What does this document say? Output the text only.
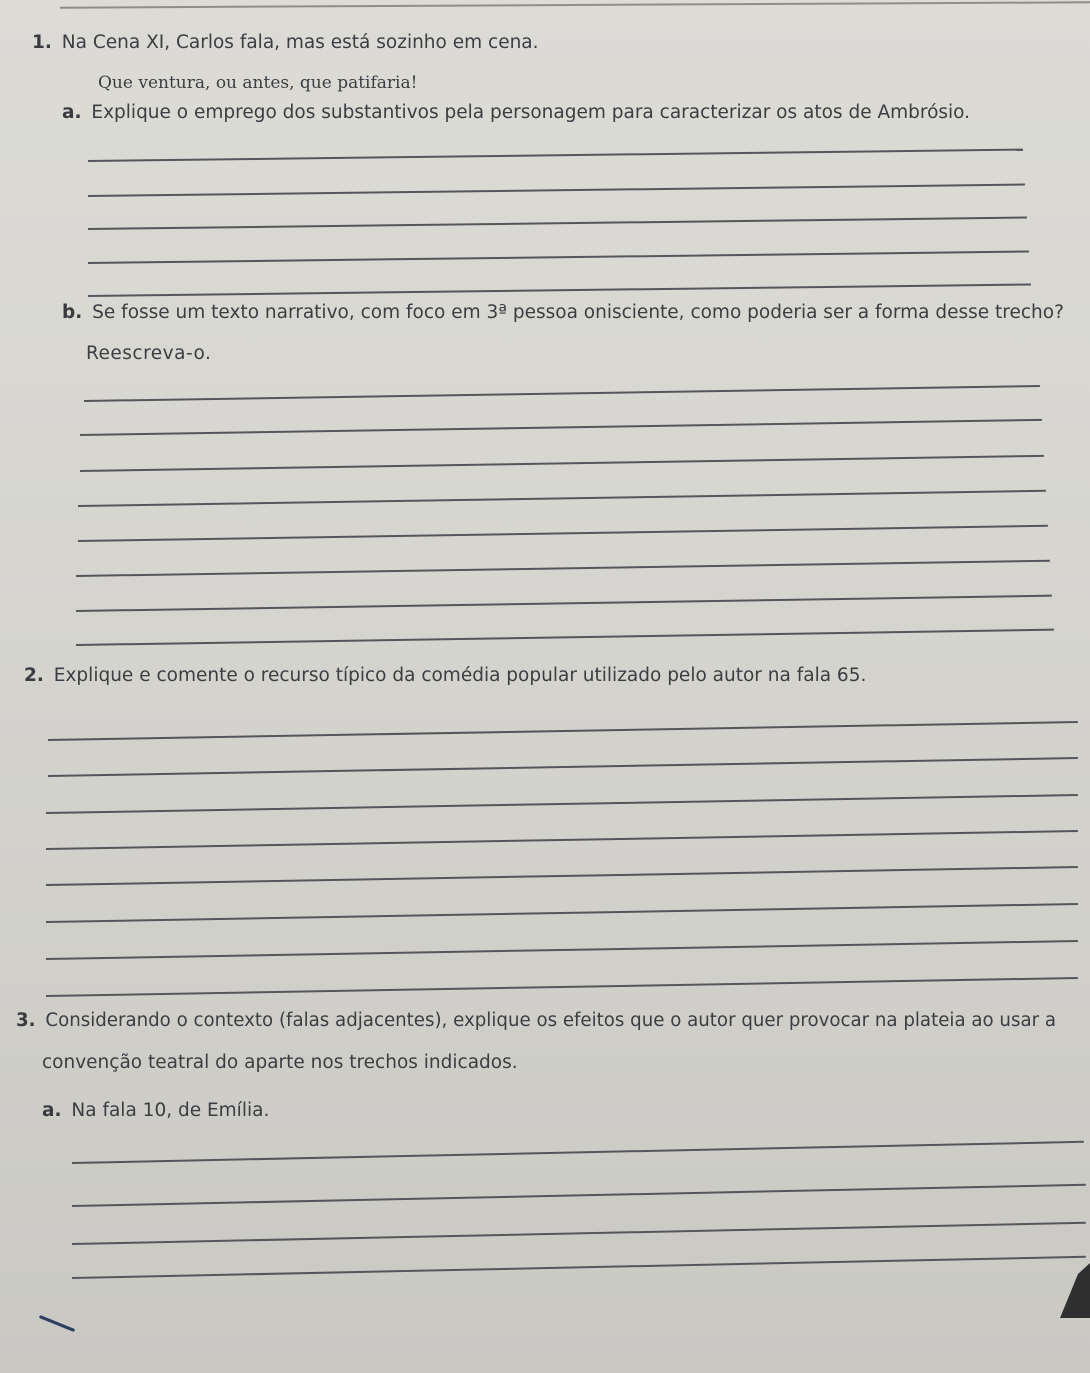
1. Na Cena XI, Carlos fala, mas está sozinho em cena.
Que ventura, ou antes, que patifaria!
a. Explique o emprego dos substantivos pela personagem para caracterizar os atos de Ambrósio.
b. Se fosse um texto narrativo, com foco em 3ª pessoa onisciente, como poderia ser a forma desse trecho?
Reescreva-o.
2. Explique e comente o recurso típico da comédia popular utilizado pelo autor na fala 65.
3. Considerando o contexto (falas adjacentes), explique os efeitos que o autor quer provocar na plateia ao usar a
convenção teatral do aparte nos trechos indicados.
a. Na fala 10, de Emília.
